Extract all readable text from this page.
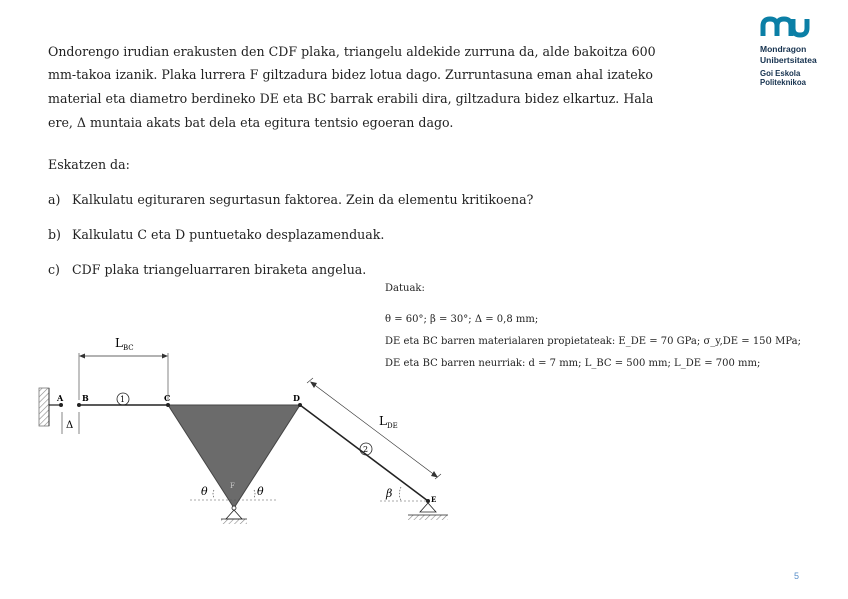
Mondragon
Unibertsitatea
Goi Eskola
Politeknikoa
Ondorengo irudian erakusten den CDF plaka, triangelu aldekide zurruna da, alde bakoitza 600
mm-takoa izanik. Plaka lurrera F giltzadura bidez lotua dago. Zurruntasuna eman ahal izateko
material eta diametro berdineko DE eta BC barrak erabili dira, giltzadura bidez elkartuz. Hala
ere, Δ muntaia akats bat dela eta egitura tentsio egoeran dago.
Eskatzen da:
a) Kalkulatu egituraren segurtasun faktorea. Zein da elementu kritikoena?
b) Kalkulatu C eta D puntuetako desplazamenduak.
c) CDF plaka triangeluarraren biraketa angelua.
Datuak:
θ = 60°; β = 30°; Δ = 0,8 mm;
DE eta BC barren materialaren propietateak: E_DE = 70 GPa; σ_y,DE = 150 MPa;
DE eta BC barren neurriak: d = 7 mm; L_BC = 500 mm; L_DE = 700 mm;
A
Δ
B	1
$L_{BC}$
C	D
F
θ	θ
2
E
$L_{DE}$
β
5
